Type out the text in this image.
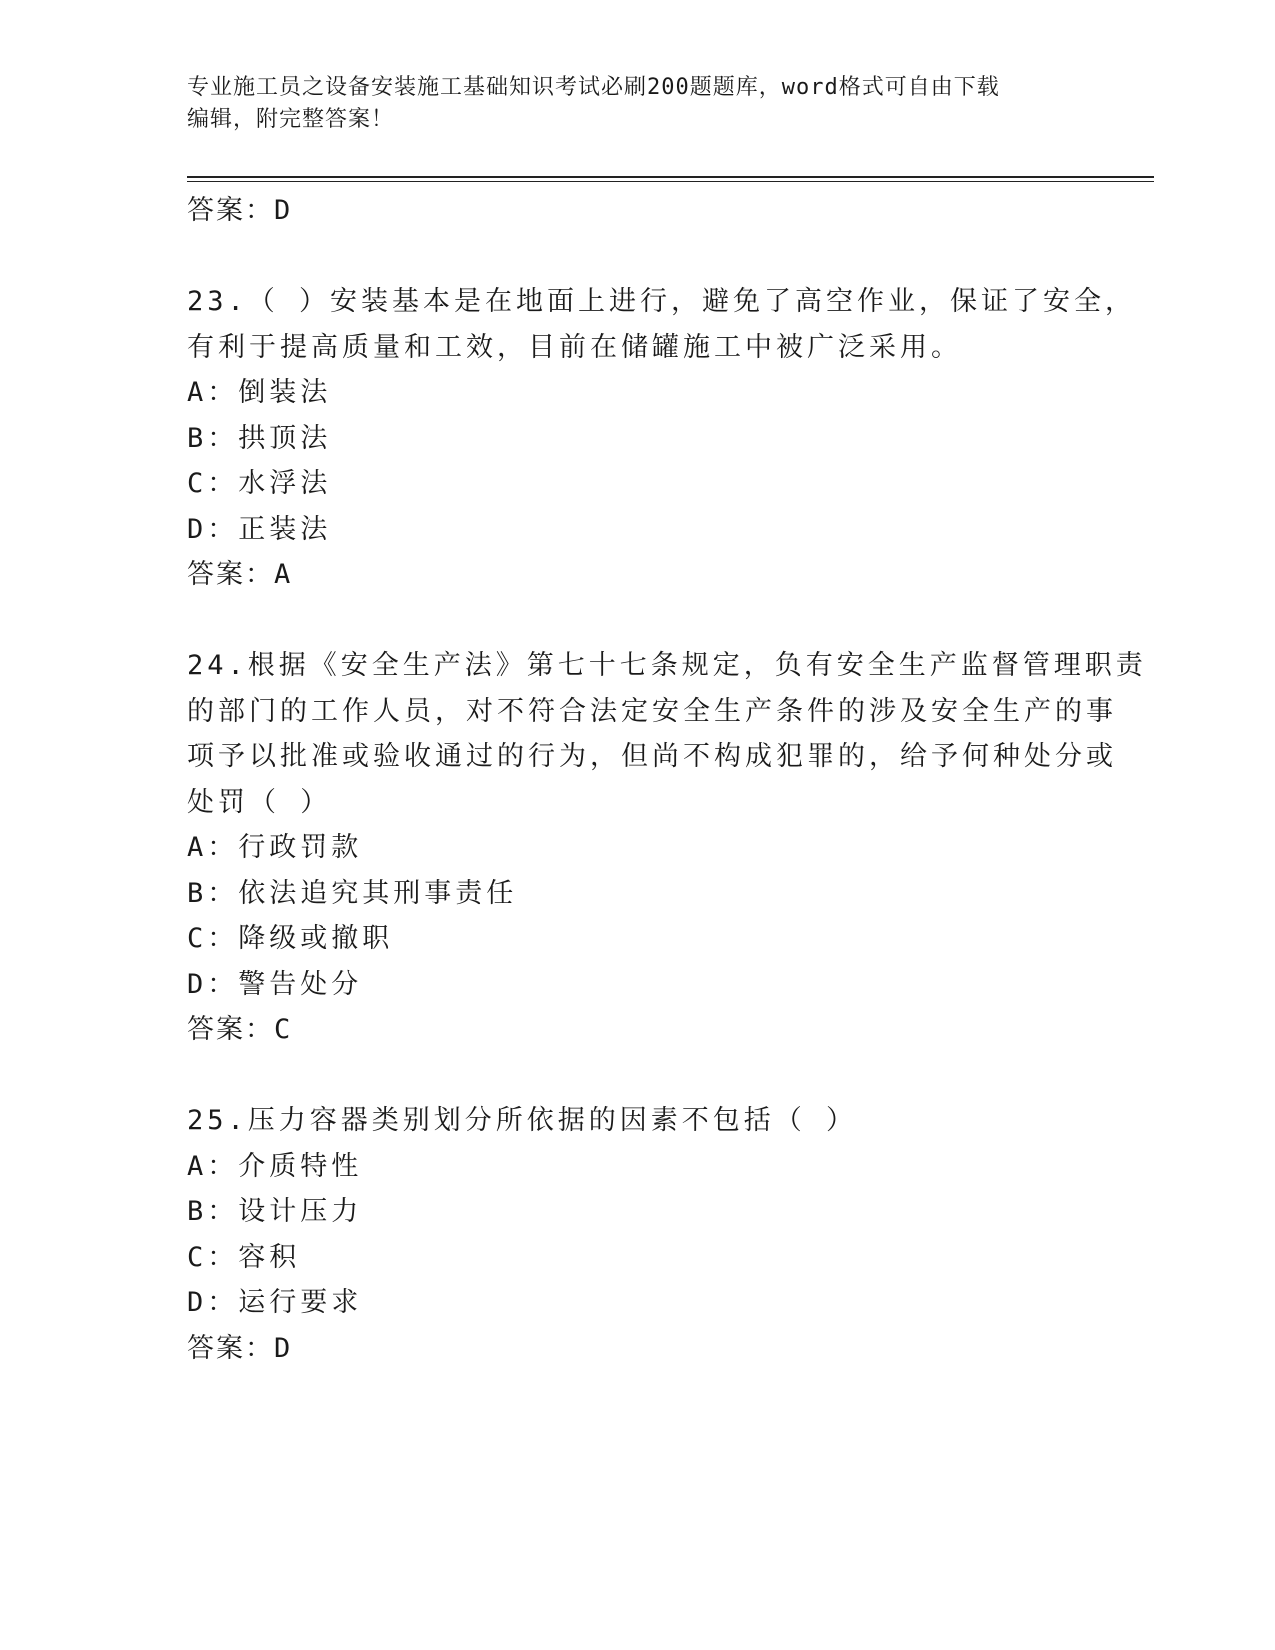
专业施工员之设备安装施工基础知识考试必刷200题题库，word格式可自由下载
编辑，附完整答案！
答案：D
23.（ ）安装基本是在地面上进行，避免了高空作业，保证了安全，
有利于提高质量和工效，目前在储罐施工中被广泛采用。
A：倒装法
B：拱顶法
C：水浮法
D：正装法
答案：A
24.根据《安全生产法》第七十七条规定，负有安全生产监督管理职责
的部门的工作人员，对不符合法定安全生产条件的涉及安全生产的事
项予以批准或验收通过的行为，但尚不构成犯罪的，给予何种处分或
处罚（ ）
A：行政罚款
B：依法追究其刑事责任
C：降级或撤职
D：警告处分
答案：C
25.压力容器类别划分所依据的因素不包括（ ）
A：介质特性
B：设计压力
C：容积
D：运行要求
答案：D
